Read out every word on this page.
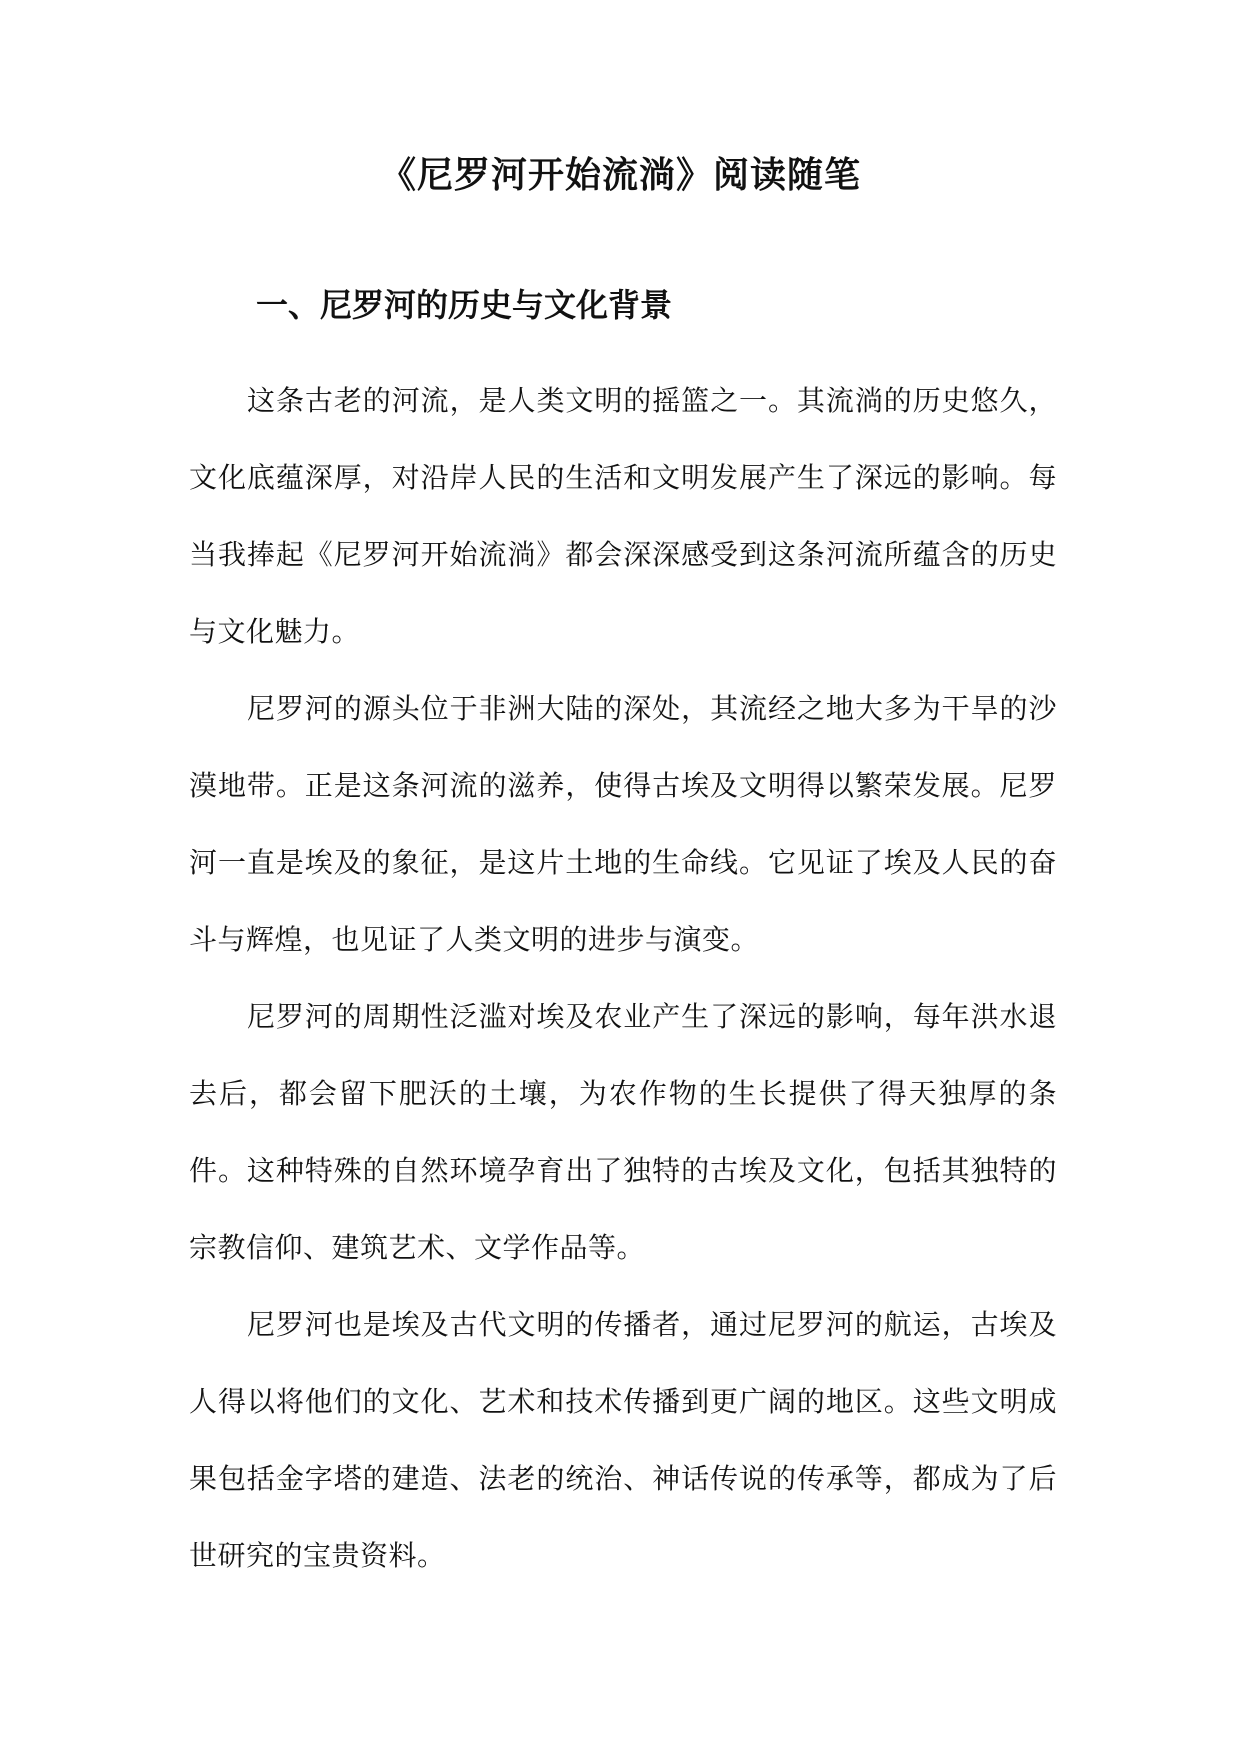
《尼罗河开始流淌》阅读随笔
一、尼罗河的历史与文化背景

这条古老的河流，是人类文明的摇篮之一。其流淌的历史悠久，文化底蕴深厚，对沿岸人民的生活和文明发展产生了深远的影响。每当我捧起《尼罗河开始流淌》都会深深感受到这条河流所蕴含的历史与文化魅力。

尼罗河的源头位于非洲大陆的深处，其流经之地大多为干旱的沙漠地带。正是这条河流的滋养，使得古埃及文明得以繁荣发展。尼罗河一直是埃及的象征，是这片土地的生命线。它见证了埃及人民的奋斗与辉煌，也见证了人类文明的进步与演变。

尼罗河的周期性泛滥对埃及农业产生了深远的影响，每年洪水退去后，都会留下肥沃的土壤，为农作物的生长提供了得天独厚的条件。这种特殊的自然环境孕育出了独特的古埃及文化，包括其独特的宗教信仰、建筑艺术、文学作品等。

尼罗河也是埃及古代文明的传播者，通过尼罗河的航运，古埃及人得以将他们的文化、艺术和技术传播到更广阔的地区。这些文明成果包括金字塔的建造、法老的统治、神话传说的传承等，都成为了后世研究的宝贵资料。
